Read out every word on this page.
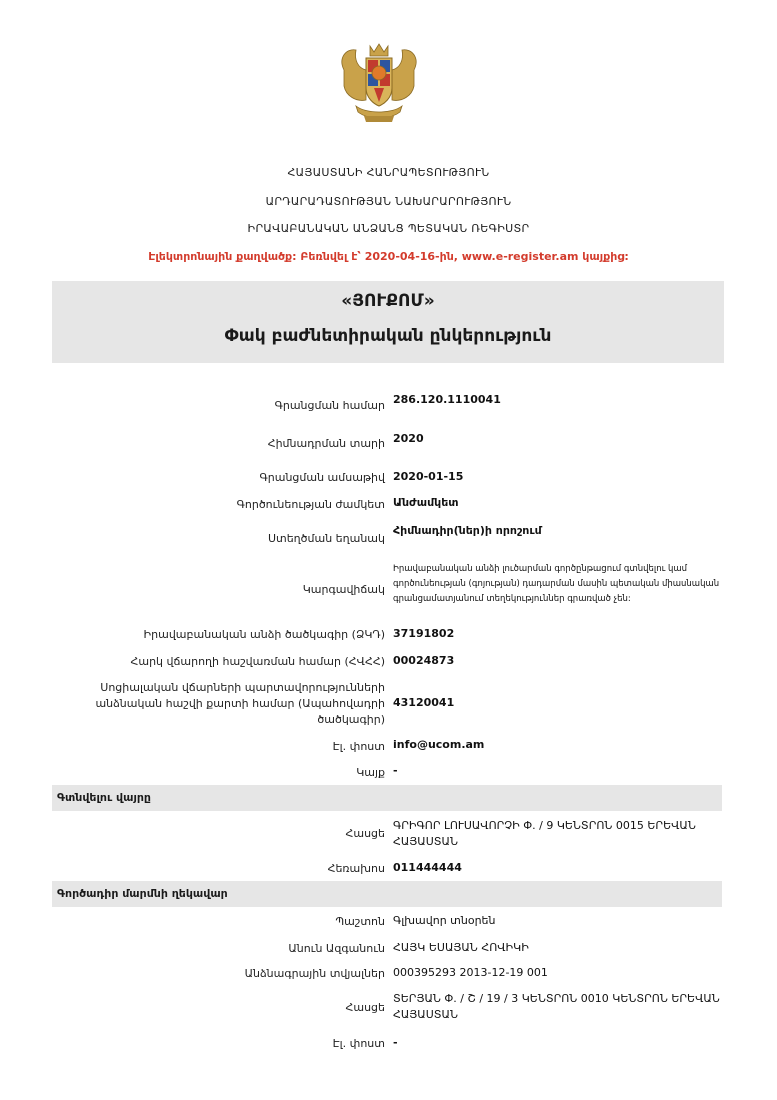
ՀԱՅԱՍՏԱՆԻ ՀԱՆՐԱՊԵՏՈՒԹՅՈՒՆ
ԱՐԴԱՐԱԴԱՏՈՒԹՅԱՆ ՆԱԽԱՐԱՐՈՒԹՅՈՒՆ
ԻՐԱՎԱԲԱՆԱԿԱՆ ԱՆՁԱՆՑ ՊԵՏԱԿԱՆ ՌԵԳԻՍՏՐ
Էլեկտրոնային քաղվածք: Բեռնվել է՝ 2020-04-16-ին, www.e-register.am կայքից:
«ՅՈՒՔՈՄ»
Փակ բաժնետիրական ընկերություն
Գրանցման համար 286.120.1110041
Հիմնադրման տարի 2020
Գրանցման ամսաթիվ 2020-01-15
Գործունեության ժամկետ Անժամկետ
Ստեղծման եղանակ
Հիմնադիր(ներ)ի որոշում
Կարգավիճակ
Իրավաբանական անձի լուծարման գործընթացում գտնվելու կամ գործունեության (գոյության) դադարման մասին պետական միասնական գրանցամատյանում տեղեկություններ գրառված չեն:
Իրավաբանական անձի ծածկագիր (ՁԿԴ) 37191802
Հարկ վճարողի հաշվառման համար (ՀՎՀՀ) 00024873
Սոցիալական վճարների պարտավորությունների անձնական հաշվի քարտի համար (Ապահովադրի ծածկագիր)
43120041
Էլ. փոստ info@ucom.am
Կայք -
Գտնվելու վայրը
Հասցե
ԳՐԻԳՈՐ ԼՈՒՍԱՎՈՐՉԻ Փ. / 9 ԿԵՆՏՐՈՆ 0015 ԵՐԵՎԱՆ ՀԱՅԱՍՏԱՆ
Հեռախոս 011444444
Գործադիր մարմնի ղեկավար
Պաշտոն Գլխավոր տնօրեն
Անուն Ազգանուն ՀԱՅԿ ԵՍԱՅԱՆ ՀՈՎԻԿԻ
Անձնագրային տվյալներ 000395293 2013-12-19 001
Հասցե
ՏԵՐՅԱՆ Փ. / Շ / 19 / 3 ԿԵՆՏՐՈՆ 0010 ԿԵՆՏՐՈՆ ԵՐԵՎԱՆ ՀԱՅԱՍՏԱՆ
Էլ. փոստ -
